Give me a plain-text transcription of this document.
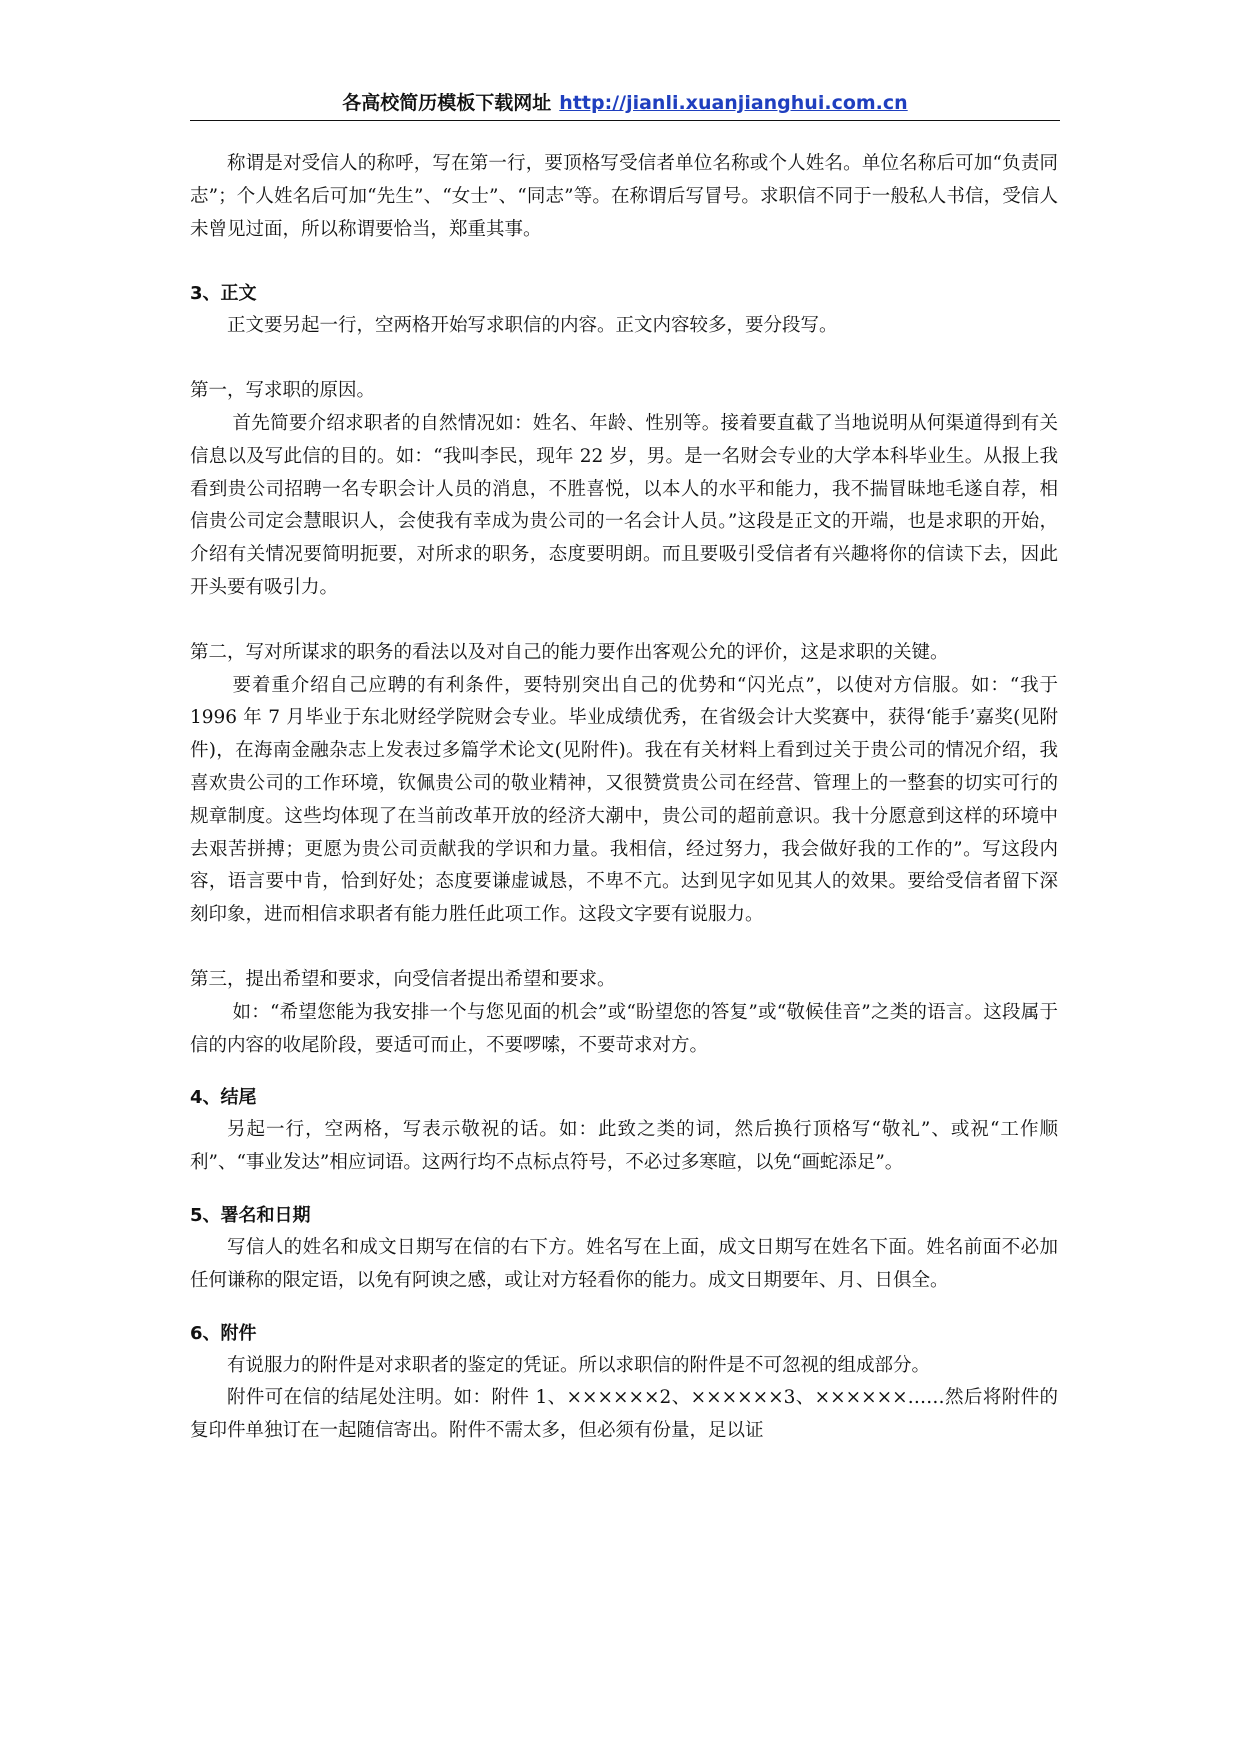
各高校简历模板下载网址 http://jianli.xuanjianghui.com.cn

称谓是对受信人的称呼，写在第一行，要顶格写受信者单位名称或个人姓名。单位名称后可加“负责同志”；个人姓名后可加“先生”、“女士”、“同志”等。在称谓后写冒号。求职信不同于一般私人书信，受信人未曾见过面，所以称谓要恰当，郑重其事。

3、正文

正文要另起一行，空两格开始写求职信的内容。正文内容较多，要分段写。

第一，写求职的原因。

首先简要介绍求职者的自然情况如：姓名、年龄、性别等。接着要直截了当地说明从何渠道得到有关信息以及写此信的目的。如：“我叫李民，现年 22 岁，男。是一名财会专业的大学本科毕业生。从报上我看到贵公司招聘一名专职会计人员的消息，不胜喜悦，以本人的水平和能力，我不揣冒昧地毛遂自荐，相信贵公司定会慧眼识人，会使我有幸成为贵公司的一名会计人员。”这段是正文的开端，也是求职的开始，介绍有关情况要简明扼要，对所求的职务，态度要明朗。而且要吸引受信者有兴趣将你的信读下去，因此开头要有吸引力。

第二，写对所谋求的职务的看法以及对自己的能力要作出客观公允的评价，这是求职的关键。

要着重介绍自己应聘的有利条件，要特别突出自己的优势和“闪光点”，以使对方信服。如：“我于 1996 年 7 月毕业于东北财经学院财会专业。毕业成绩优秀，在省级会计大奖赛中，获得‘能手’嘉奖(见附件)，在海南金融杂志上发表过多篇学术论文(见附件)。我在有关材料上看到过关于贵公司的情况介绍，我喜欢贵公司的工作环境，钦佩贵公司的敬业精神，又很赞赏贵公司在经营、管理上的一整套的切实可行的规章制度。这些均体现了在当前改革开放的经济大潮中，贵公司的超前意识。我十分愿意到这样的环境中去艰苦拼搏；更愿为贵公司贡献我的学识和力量。我相信，经过努力，我会做好我的工作的”。写这段内容，语言要中肯，恰到好处；态度要谦虚诚恳，不卑不亢。达到见字如见其人的效果。要给受信者留下深刻印象，进而相信求职者有能力胜任此项工作。这段文字要有说服力。

第三，提出希望和要求，向受信者提出希望和要求。

如：“希望您能为我安排一个与您见面的机会”或“盼望您的答复”或“敬候佳音”之类的语言。这段属于信的内容的收尾阶段，要适可而止，不要啰嗦，不要苛求对方。

4、结尾

另起一行，空两格，写表示敬祝的话。如：此致之类的词，然后换行顶格写“敬礼”、或祝“工作顺利”、“事业发达”相应词语。这两行均不点标点符号，不必过多寒暄，以免“画蛇添足”。

5、署名和日期

写信人的姓名和成文日期写在信的右下方。姓名写在上面，成文日期写在姓名下面。姓名前面不必加任何谦称的限定语，以免有阿谀之感，或让对方轻看你的能力。成文日期要年、月、日俱全。

6、附件

有说服力的附件是对求职者的鉴定的凭证。所以求职信的附件是不可忽视的组成部分。

附件可在信的结尾处注明。如：附件 1、××××××2、××××××3、××××××……然后将附件的复印件单独订在一起随信寄出。附件不需太多，但必须有份量，足以证
